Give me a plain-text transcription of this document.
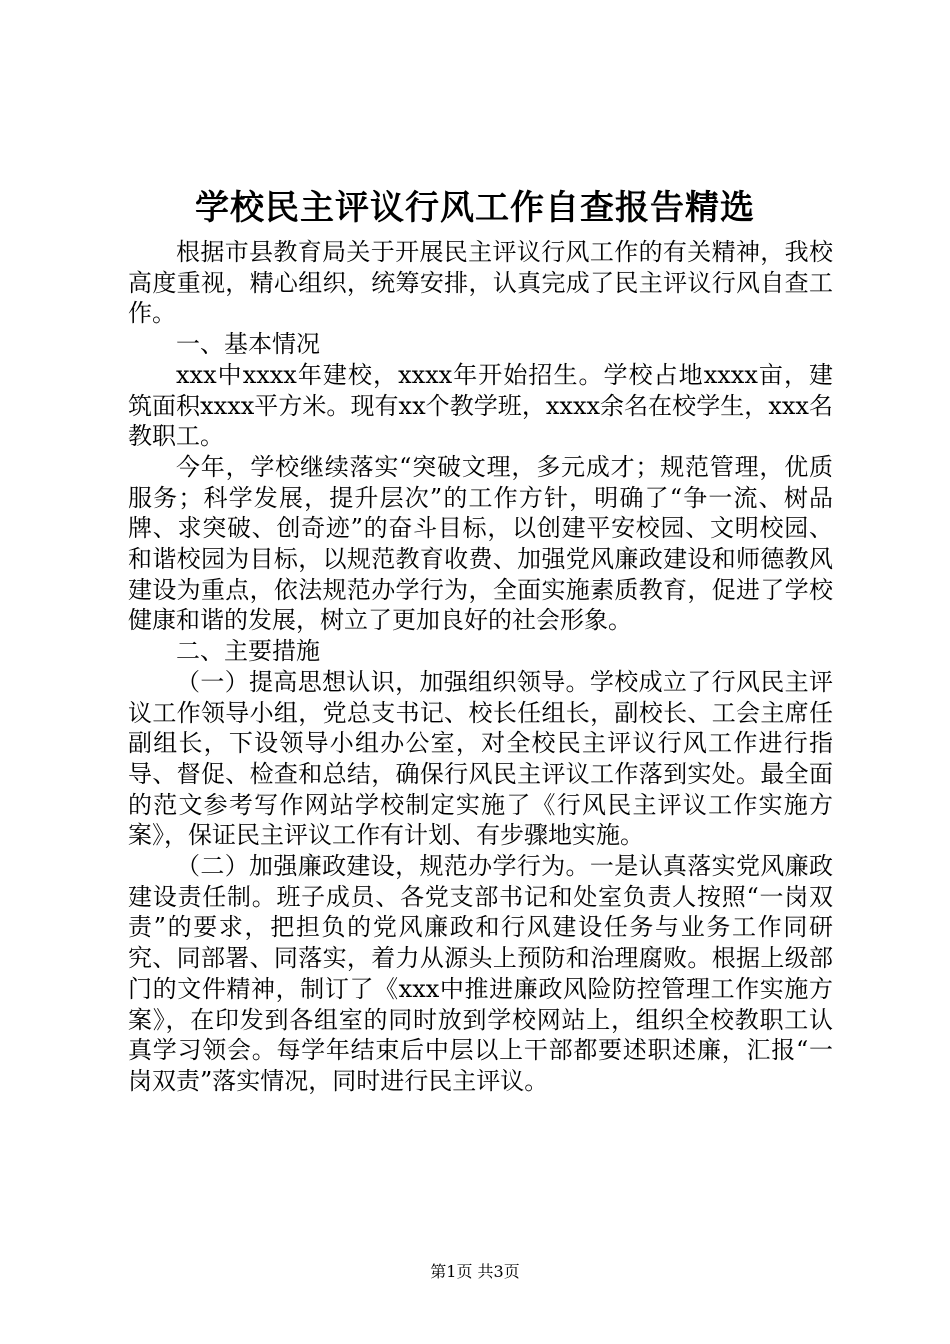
学校民主评议行风工作自查报告精选

根据市县教育局关于开展民主评议行风工作的有关精神，我校高度重视，精心组织，统筹安排，认真完成了民主评议行风自查工作。

一、基本情况

xxx中xxxx年建校，xxxx年开始招生。学校占地xxxx亩，建筑面积xxxx平方米。现有xx个教学班，xxxx余名在校学生，xxx名教职工。

今年，学校继续落实“突破文理，多元成才；规范管理，优质服务；科学发展，提升层次”的工作方针，明确了“争一流、树品牌、求突破、创奇迹”的奋斗目标，以创建平安校园、文明校园、和谐校园为目标，以规范教育收费、加强党风廉政建设和师德教风建设为重点，依法规范办学行为，全面实施素质教育，促进了学校健康和谐的发展，树立了更加良好的社会形象。

二、主要措施

（一）提高思想认识，加强组织领导。学校成立了行风民主评议工作领导小组，党总支书记、校长任组长，副校长、工会主席任副组长，下设领导小组办公室，对全校民主评议行风工作进行指导、督促、检查和总结，确保行风民主评议工作落到实处。最全面的范文参考写作网站学校制定实施了《行风民主评议工作实施方案》，保证民主评议工作有计划、有步骤地实施。

（二）加强廉政建设，规范办学行为。一是认真落实党风廉政建设责任制。班子成员、各党支部书记和处室负责人按照“一岗双责”的要求，把担负的党风廉政和行风建设任务与业务工作同研究、同部署、同落实，着力从源头上预防和治理腐败。根据上级部门的文件精神，制订了《xxx中推进廉政风险防控管理工作实施方案》，在印发到各组室的同时放到学校网站上，组织全校教职工认真学习领会。每学年结束后中层以上干部都要述职述廉，汇报“一岗双责”落实情况，同时进行民主评议。

第1页 共3页
